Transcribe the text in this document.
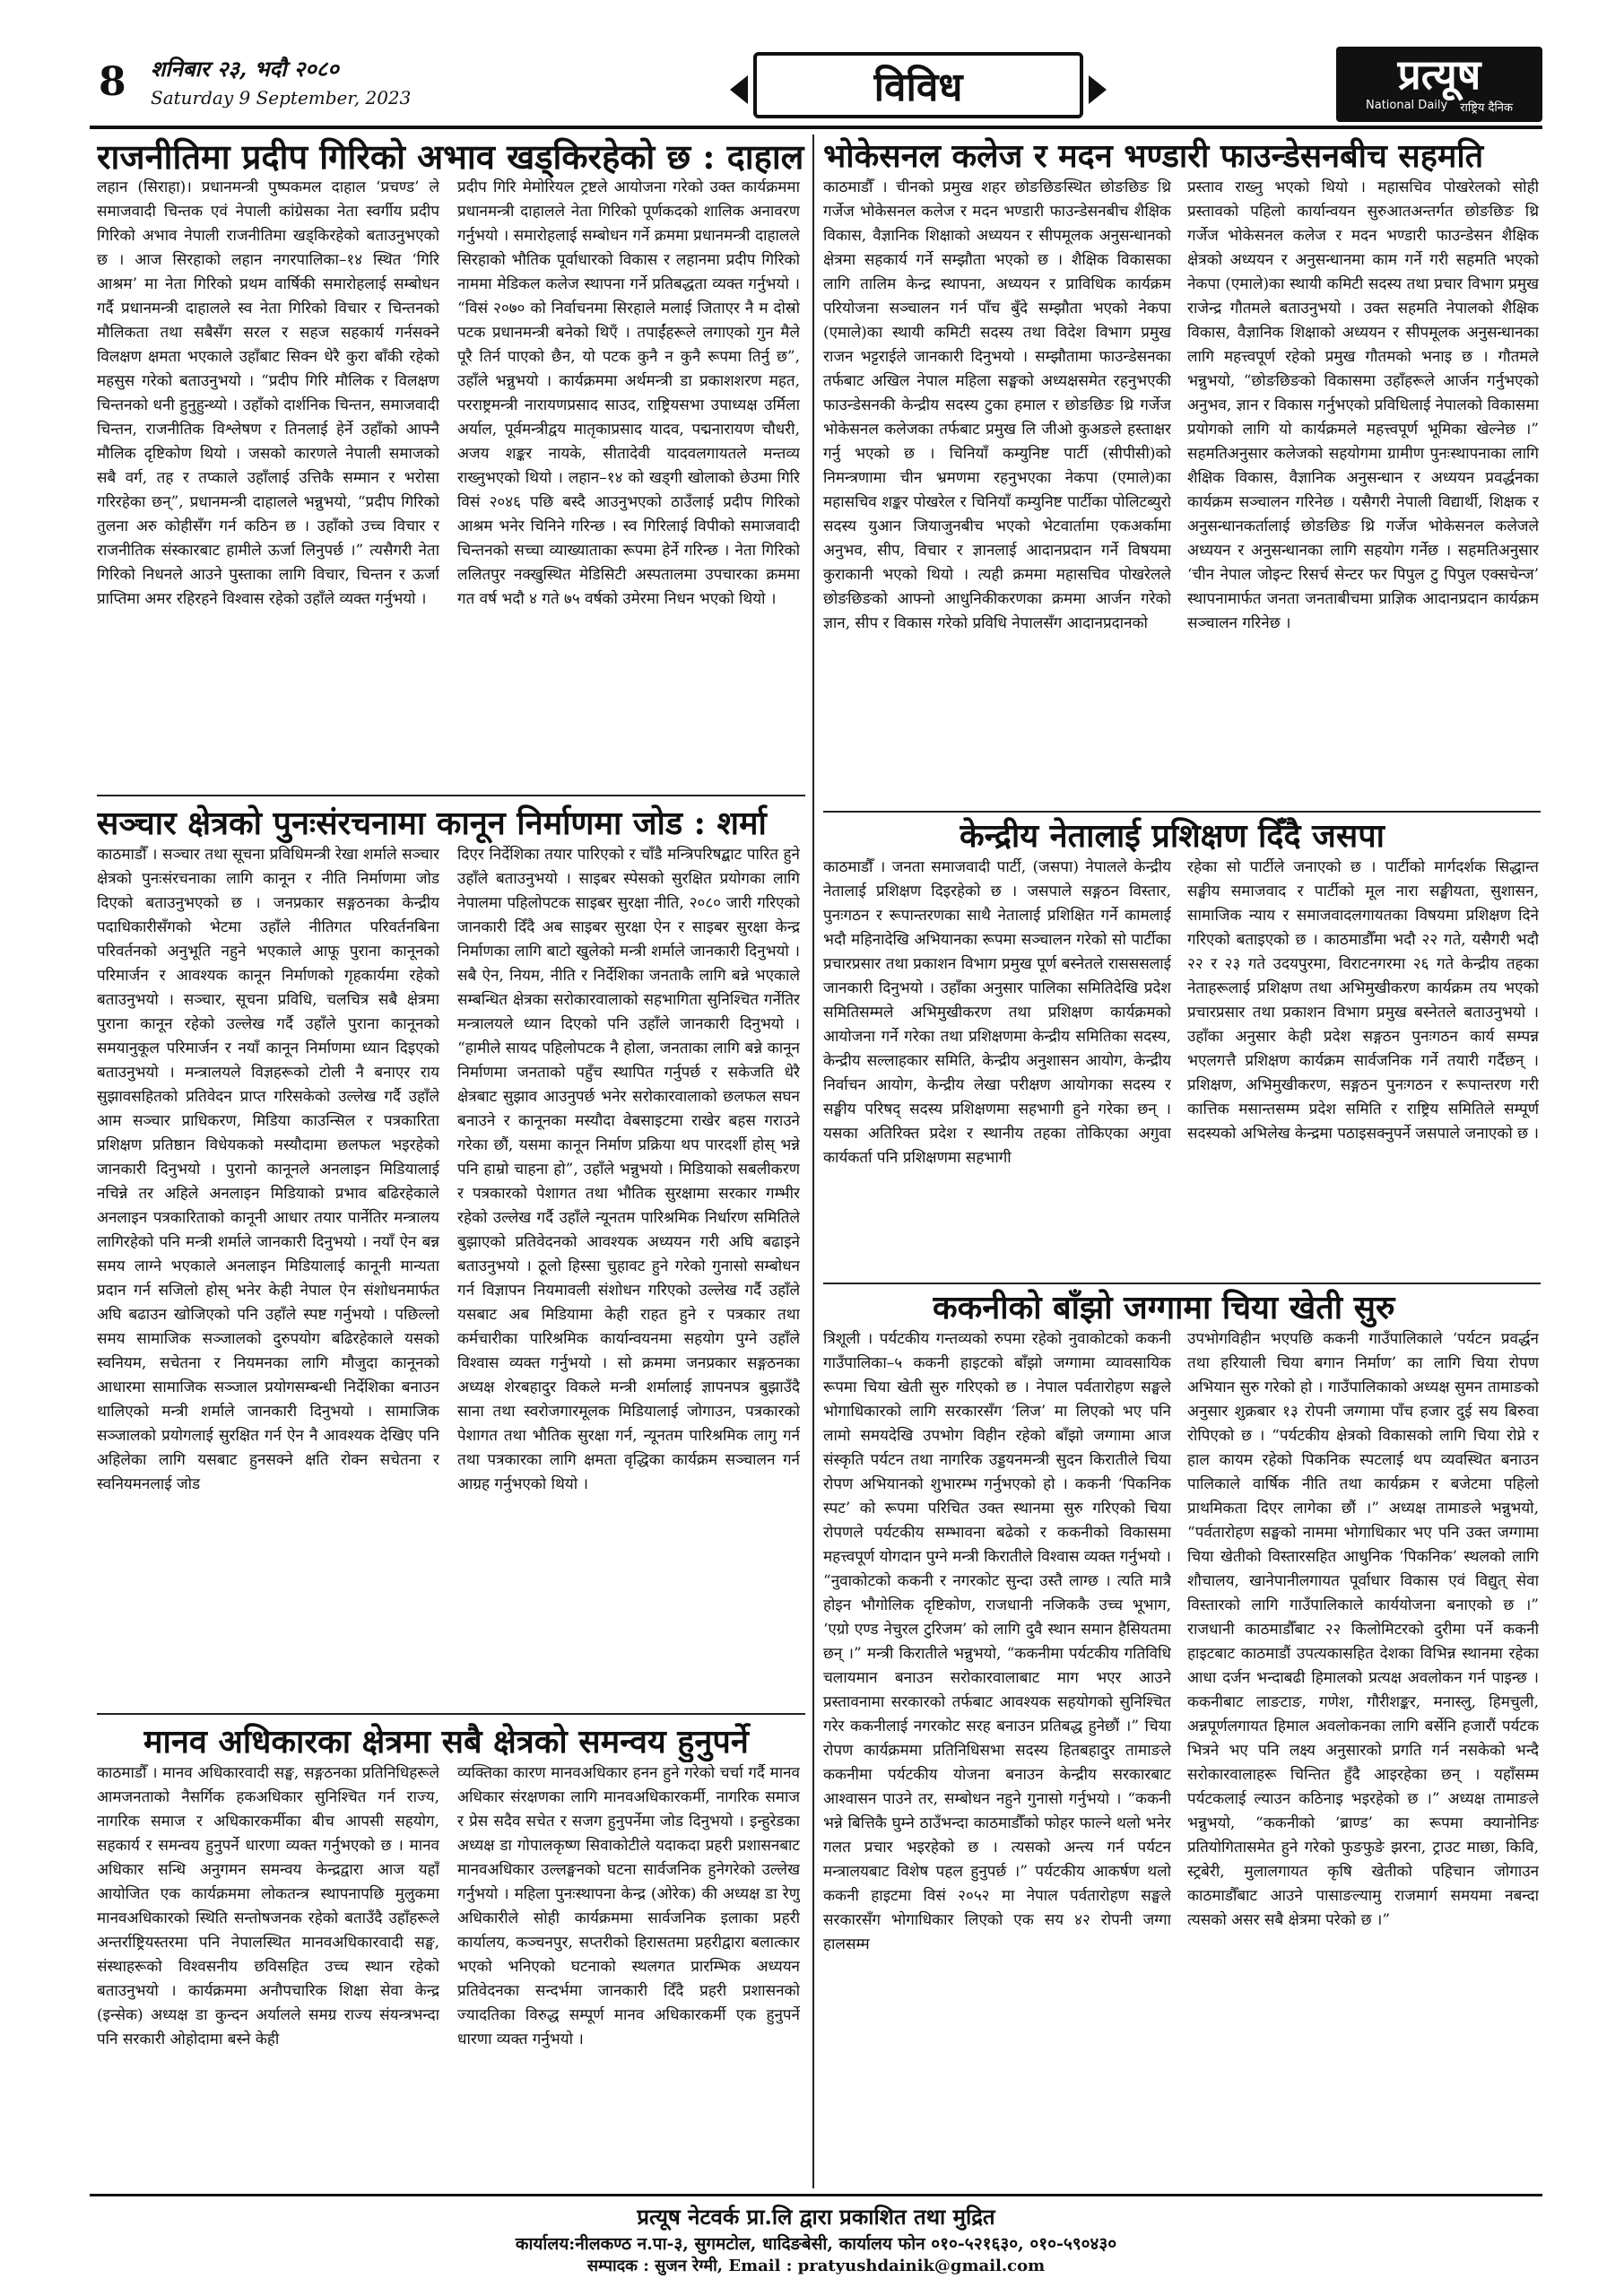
8 शनिबार २३, भदौ २०८०
Saturday 9 September, 2023	विविध	प्रत्यूष
National Daily राष्ट्रिय दैनिक
राजनीतिमा प्रदीप गिरिको अभाव खड्किरहेको छ : दाहाल

लहान (सिराहा)। प्रधानमन्त्री पुष्पकमल दाहाल ‘प्रचण्ड’ ले समाजवादी चिन्तक एवं नेपाली कांग्रेसका नेता स्वर्गीय प्रदीप गिरिको अभाव नेपाली राजनीतिमा खड्किरहेको बताउनुभएको छ । आज सिरहाको लहान नगरपालिका–१४ स्थित ‘गिरि आश्रम’ मा नेता गिरिको प्रथम वार्षिकी समारोहलाई सम्बोधन गर्दै प्रधानमन्त्री दाहालले स्व नेता गिरिको विचार र चिन्तनको मौलिकता तथा सबैसँग सरल र सहज सहकार्य गर्नसक्ने विलक्षण क्षमता भएकाले उहाँबाट सिक्न धेरै कुरा बाँकी रहेको महसुस गरेको बताउनुभयो । “प्रदीप गिरि मौलिक र विलक्षण चिन्तनको धनी हुनुहुन्थ्यो । उहाँको दार्शनिक चिन्तन, समाजवादी चिन्तन, राजनीतिक विश्लेषण र तिनलाई हेर्ने उहाँको आफ्नै मौलिक दृष्टिकोण थियो । जसको कारणले नेपाली समाजको सबै वर्ग, तह र तप्काले उहाँलाई उत्तिकै सम्मान र भरोसा गरिरहेका छन्”, प्रधानमन्त्री दाहालले भन्नुभयो, “प्रदीप गिरिको तुलना अरु कोहीसँग गर्न कठिन छ । उहाँको उच्च विचार र राजनीतिक संस्कारबाट हामीले ऊर्जा लिनुपर्छ ।” त्यसैगरी नेता गिरिको निधनले आउने पुस्ताका लागि विचार, चिन्तन र ऊर्जा प्राप्तिमा अमर रहिरहने विश्वास रहेको उहाँले व्यक्त गर्नुभयो ।

प्रदीप गिरि मेमोरियल ट्रष्टले आयोजना गरेको उक्त कार्यक्रममा प्रधानमन्त्री दाहालले नेता गिरिको पूर्णकदको शालिक अनावरण गर्नुभयो । समारोहलाई सम्बोधन गर्ने क्रममा प्रधानमन्त्री दाहालले सिरहाको भौतिक पूर्वाधारको विकास र लहानमा प्रदीप गिरिको नाममा मेडिकल कलेज स्थापना गर्ने प्रतिबद्धता व्यक्त गर्नुभयो । “विसं २०७० को निर्वाचनमा सिरहाले मलाई जिताएर नै म दोस्रो पटक प्रधानमन्त्री बनेको थिएँ । तपाईंहरूले लगाएको गुन मैले पूरै तिर्न पाएको छैन, यो पटक कुनै न कुनै रूपमा तिर्नु छ”, उहाँले भन्नुभयो । कार्यक्रममा अर्थमन्त्री डा प्रकाशशरण महत, परराष्ट्रमन्त्री नारायणप्रसाद साउद, राष्ट्रियसभा उपाध्यक्ष उर्मिला अर्याल, पूर्वमन्त्रीद्वय मातृकाप्रसाद यादव, पद्मनारायण चौधरी, अजय शङ्कर नायके, सीतादेवी यादवलगायतले मन्तव्य राख्नुभएको थियो । लहान–१४ को खड्गी खोलाको छेउमा गिरि विसं २०४६ पछि बस्दै आउनुभएको ठाउँलाई प्रदीप गिरिको आश्रम भनेर चिनिने गरिन्छ । स्व गिरिलाई विपीको समाजवादी चिन्तनको सच्चा व्याख्याताका रूपमा हेर्ने गरिन्छ । नेता गिरिको ललितपुर नक्खुस्थित मेडिसिटी अस्पतालमा उपचारका क्रममा गत वर्ष भदौ ४ गते ७५ वर्षको उमेरमा निधन भएको थियो ।

सञ्चार क्षेत्रको पुनःसंरचनामा कानून निर्माणमा जोड : शर्मा

काठमाडौँ । सञ्चार तथा सूचना प्रविधिमन्त्री रेखा शर्माले सञ्चार क्षेत्रको पुनःसंरचनाका लागि कानून र नीति निर्माणमा जोड दिएको बताउनुभएको छ । जनप्रकार सङ्गठनका केन्द्रीय पदाधिकारीसँगको भेटमा उहाँले नीतिगत परिवर्तनबिना परिवर्तनको अनुभूति नहुने भएकाले आफू पुराना कानूनको परिमार्जन र आवश्यक कानून निर्माणको गृहकार्यमा रहेको बताउनुभयो । सञ्चार, सूचना प्रविधि, चलचित्र सबै क्षेत्रमा पुराना कानून रहेको उल्लेख गर्दै उहाँले पुराना कानूनको समयानुकूल परिमार्जन र नयाँ कानून निर्माणमा ध्यान दिइएको बताउनुभयो । मन्त्रालयले विज्ञहरूको टोली नै बनाएर राय सुझावसहितको प्रतिवेदन प्राप्त गरिसकेको उल्लेख गर्दै उहाँले आम सञ्चार प्राधिकरण, मिडिया काउन्सिल र पत्रकारिता प्रशिक्षण प्रतिष्ठान विधेयकको मस्यौदामा छलफल भइरहेको जानकारी दिनुभयो । पुरानो कानूनले अनलाइन मिडियालाई नचिन्ने तर अहिले अनलाइन मिडियाको प्रभाव बढिरहेकाले अनलाइन पत्रकारिताको कानूनी आधार तयार पार्नेतिर मन्त्रालय लागिरहेको पनि मन्त्री शर्माले जानकारी दिनुभयो । नयाँ ऐन बन्न समय लाग्ने भएकाले अनलाइन मिडियालाई कानूनी मान्यता प्रदान गर्न सजिलो होस् भनेर केही नेपाल ऐन संशोधनमार्फत अघि बढाउन खोजिएको पनि उहाँले स्पष्ट गर्नुभयो । पछिल्लो समय सामाजिक सञ्जालको दुरुपयोग बढिरहेकाले यसको स्वनियम, सचेतना र नियमनका लागि मौजुदा कानूनको आधारमा सामाजिक सञ्जाल प्रयोगसम्बन्धी निर्देशिका बनाउन थालिएको मन्त्री शर्माले जानकारी दिनुभयो । सामाजिक सञ्जालको प्रयोगलाई सुरक्षित गर्न ऐन नै आवश्यक देखिए पनि अहिलेका लागि यसबाट हुनसक्ने क्षति रोक्न सचेतना र स्वनियमनलाई जोड

दिएर निर्देशिका तयार पारिएको र चाँडै मन्त्रिपरिषद्बाट पारित हुने उहाँले बताउनुभयो । साइबर स्पेसको सुरक्षित प्रयोगका लागि नेपालमा पहिलोपटक साइबर सुरक्षा नीति, २०८० जारी गरिएको जानकारी दिँदै अब साइबर सुरक्षा ऐन र साइबर सुरक्षा केन्द्र निर्माणका लागि बाटो खुलेको मन्त्री शर्माले जानकारी दिनुभयो । सबै ऐन, नियम, नीति र निर्देशिका जनताकै लागि बन्ने भएकाले सम्बन्धित क्षेत्रका सरोकारवालाको सहभागिता सुनिश्चित गर्नेतिर मन्त्रालयले ध्यान दिएको पनि उहाँले जानकारी दिनुभयो । “हामीले सायद पहिलोपटक नै होला, जनताका लागि बन्ने कानून निर्माणमा जनताको पहुँच स्थापित गर्नुपर्छ र सकेजति धेरै क्षेत्रबाट सुझाव आउनुपर्छ भनेर सरोकारवालाको छलफल सघन बनाउने र कानूनका मस्यौदा वेबसाइटमा राखेर बहस गराउने गरेका छौं, यसमा कानून निर्माण प्रक्रिया थप पारदर्शी होस् भन्ने पनि हाम्रो चाहना हो”, उहाँले भन्नुभयो । मिडियाको सबलीकरण र पत्रकारको पेशागत तथा भौतिक सुरक्षामा सरकार गम्भीर रहेको उल्लेख गर्दै उहाँले न्यूनतम पारिश्रमिक निर्धारण समितिले बुझाएको प्रतिवेदनको आवश्यक अध्ययन गरी अघि बढाइने बताउनुभयो । ठूलो हिस्सा चुहावट हुने गरेको गुनासो सम्बोधन गर्न विज्ञापन नियमावली संशोधन गरिएको उल्लेख गर्दै उहाँले यसबाट अब मिडियामा केही राहत हुने र पत्रकार तथा कर्मचारीका पारिश्रमिक कार्यान्वयनमा सहयोग पुग्ने उहाँले विश्वास व्यक्त गर्नुभयो । सो क्रममा जनप्रकार सङ्गठनका अध्यक्ष शेरबहादुर विकले मन्त्री शर्मालाई ज्ञापनपत्र बुझाउँदै साना तथा स्वरोजगारमूलक मिडियालाई जोगाउन, पत्रकारको पेशागत तथा भौतिक सुरक्षा गर्न, न्यूनतम पारिश्रमिक लागु गर्न तथा पत्रकारका लागि क्षमता वृद्धिका कार्यक्रम सञ्चालन गर्न आग्रह गर्नुभएको थियो ।

मानव अधिकारका क्षेत्रमा सबै क्षेत्रको समन्वय हुनुपर्ने

काठमाडौँ । मानव अधिकारवादी सङ्घ, सङ्गठनका प्रतिनिधिहरूले आमजनताको नैसर्गिक हकअधिकार सुनिश्चित गर्न राज्य, नागरिक समाज र अधिकारकर्मीका बीच आपसी सहयोग, सहकार्य र समन्वय हुनुपर्ने धारणा व्यक्त गर्नुभएको छ । मानव अधिकार सन्धि अनुगमन समन्वय केन्द्रद्वारा आज यहाँ आयोजित एक कार्यक्रममा लोकतन्त्र स्थापनापछि मुलुकमा मानवअधिकारको स्थिति सन्तोषजनक रहेको बताउँदै उहाँहरूले अन्तर्राष्ट्रियस्तरमा पनि नेपालस्थित मानवअधिकारवादी सङ्घ, संस्थाहरूको विश्वसनीय छविसहित उच्च स्थान रहेको बताउनुभयो । कार्यक्रममा अनौपचारिक शिक्षा सेवा केन्द्र (इन्सेक) अध्यक्ष डा कुन्दन अर्यालले समग्र राज्य संयन्त्रभन्दा पनि सरकारी ओहोदामा बस्ने केही

व्यक्तिका कारण मानवअधिकार हनन हुने गरेको चर्चा गर्दै मानव अधिकार संरक्षणका लागि मानवअधिकारकर्मी, नागरिक समाज र प्रेस सदैव सचेत र सजग हुनुपर्नेमा जोड दिनुभयो । इन्हुरेडका अध्यक्ष डा गोपालकृष्ण सिवाकोटीले यदाकदा प्रहरी प्रशासनबाट मानवअधिकार उल्लङ्घनको घटना सार्वजनिक हुनेगरेको उल्लेख गर्नुभयो । महिला पुनःस्थापना केन्द्र (ओरेक) की अध्यक्ष डा रेणु अधिकारीले सोही कार्यक्रममा सार्वजनिक इलाका प्रहरी कार्यालय, कञ्चनपुर, सप्तरीको हिरासतमा प्रहरीद्वारा बलात्कार भएको भनिएको घटनाको स्थलगत प्रारम्भिक अध्ययन प्रतिवेदनका सन्दर्भमा जानकारी दिँदै प्रहरी प्रशासनको ज्यादतिका विरुद्ध सम्पूर्ण मानव अधिकारकर्मी एक हुनुपर्ने धारणा व्यक्त गर्नुभयो ।

भोकेसनल कलेज र मदन भण्डारी फाउन्डेसनबीच सहमति

काठमाडौँ । चीनको प्रमुख शहर छोङछिङस्थित छोङछिङ थ्रि गर्जेज भोकेसनल कलेज र मदन भण्डारी फाउन्डेसनबीच शैक्षिक विकास, वैज्ञानिक शिक्षाको अध्ययन र सीपमूलक अनुसन्धानको क्षेत्रमा सहकार्य गर्ने सम्झौता भएको छ । शैक्षिक विकासका लागि तालिम केन्द्र स्थापना, अध्ययन र प्राविधिक कार्यक्रम परियोजना सञ्चालन गर्न पाँच बुँदे सम्झौता भएको नेकपा (एमाले)का स्थायी कमिटी सदस्य तथा विदेश विभाग प्रमुख राजन भट्टराईले जानकारी दिनुभयो । सम्झौतामा फाउन्डेसनका तर्फबाट अखिल नेपाल महिला सङ्घको अध्यक्षसमेत रहनुभएकी फाउन्डेसनकी केन्द्रीय सदस्य टुका हमाल र छोङछिङ थ्रि गर्जेज भोकेसनल कलेजका तर्फबाट प्रमुख लि जीओ कुअङले हस्ताक्षर गर्नु भएको छ । चिनियाँ कम्युनिष्ट पार्टी (सीपीसी)को निमन्त्रणामा चीन भ्रमणमा रहनुभएका नेकपा (एमाले)का महासचिव शङ्कर पोखरेल र चिनियाँ कम्युनिष्ट पार्टीका पोलिटब्युरो सदस्य युआन जियाजुनबीच भएको भेटवार्तामा एकअर्कामा अनुभव, सीप, विचार र ज्ञानलाई आदानप्रदान गर्ने विषयमा कुराकानी भएको थियो । त्यही क्रममा महासचिव पोखरेलले छोङछिङको आफ्नो आधुनिकीकरणका क्रममा आर्जन गरेको ज्ञान, सीप र विकास गरेको प्रविधि नेपालसँग आदानप्रदानको

प्रस्ताव राख्नु भएको थियो । महासचिव पोखरेलको सोही प्रस्तावको पहिलो कार्यान्वयन सुरुआतअन्तर्गत छोङछिङ थ्रि गर्जेज भोकेसनल कलेज र मदन भण्डारी फाउन्डेसन शैक्षिक क्षेत्रको अध्ययन र अनुसन्धानमा काम गर्ने गरी सहमति भएको नेकपा (एमाले)का स्थायी कमिटी सदस्य तथा प्रचार विभाग प्रमुख राजेन्द्र गौतमले बताउनुभयो । उक्त सहमति नेपालको शैक्षिक विकास, वैज्ञानिक शिक्षाको अध्ययन र सीपमूलक अनुसन्धानका लागि महत्त्वपूर्ण रहेको प्रमुख गौतमको भनाइ छ । गौतमले भन्नुभयो, “छोङछिङको विकासमा उहाँहरूले आर्जन गर्नुभएको अनुभव, ज्ञान र विकास गर्नुभएको प्रविधिलाई नेपालको विकासमा प्रयोगको लागि यो कार्यक्रमले महत्त्वपूर्ण भूमिका खेल्नेछ ।” सहमतिअनुसार कलेजको सहयोगमा ग्रामीण पुनःस्थापनाका लागि शैक्षिक विकास, वैज्ञानिक अनुसन्धान र अध्ययन प्रवर्द्धनका कार्यक्रम सञ्चालन गरिनेछ । यसैगरी नेपाली विद्यार्थी, शिक्षक र अनुसन्धानकर्तालाई छोङछिङ थ्रि गर्जेज भोकेसनल कलेजले अध्ययन र अनुसन्धानका लागि सहयोग गर्नेछ । सहमतिअनुसार ‘चीन नेपाल जोइन्ट रिसर्च सेन्टर फर पिपुल टु पिपुल एक्सचेन्ज’ स्थापनामार्फत जनता जनताबीचमा प्राज्ञिक आदानप्रदान कार्यक्रम सञ्चालन गरिनेछ ।

केन्द्रीय नेतालाई प्रशिक्षण दिँदै जसपा

काठमाडौँ । जनता समाजवादी पार्टी, (जसपा) नेपालले केन्द्रीय नेतालाई प्रशिक्षण दिइरहेको छ । जसपाले सङ्गठन विस्तार, पुनःगठन र रूपान्तरणका साथै नेतालाई प्रशिक्षित गर्ने कामलाई भदौ महिनादेखि अभियानका रूपमा सञ्चालन गरेको सो पार्टीका प्रचारप्रसार तथा प्रकाशन विभाग प्रमुख पूर्ण बस्नेतले रासससलाई जानकारी दिनुभयो । उहाँका अनुसार पालिका समितिदेखि प्रदेश समितिसम्मले अभिमुखीकरण तथा प्रशिक्षण कार्यक्रमको आयोजना गर्ने गरेका तथा प्रशिक्षणमा केन्द्रीय समितिका सदस्य, केन्द्रीय सल्लाहकार समिति, केन्द्रीय अनुशासन आयोग, केन्द्रीय निर्वाचन आयोग, केन्द्रीय लेखा परीक्षण आयोगका सदस्य र सङ्घीय परिषद् सदस्य प्रशिक्षणमा सहभागी हुने गरेका छन् । यसका अतिरिक्त प्रदेश र स्थानीय तहका तोकिएका अगुवा कार्यकर्ता पनि प्रशिक्षणमा सहभागी

रहेका सो पार्टीले जनाएको छ । पार्टीको मार्गदर्शक सिद्धान्त सङ्घीय समाजवाद र पार्टीको मूल नारा सङ्घीयता, सुशासन, सामाजिक न्याय र समाजवादलगायतका विषयमा प्रशिक्षण दिने गरिएको बताइएको छ । काठमाडौँमा भदौ २२ गते, यसैगरी भदौ २२ र २३ गते उदयपुरमा, विराटनगरमा २६ गते केन्द्रीय तहका नेताहरूलाई प्रशिक्षण तथा अभिमुखीकरण कार्यक्रम तय भएको प्रचारप्रसार तथा प्रकाशन विभाग प्रमुख बस्नेतले बताउनुभयो । उहाँका अनुसार केही प्रदेश सङ्गठन पुनःगठन कार्य सम्पन्न भएलगत्तै प्रशिक्षण कार्यक्रम सार्वजनिक गर्ने तयारी गर्दैछन् । प्रशिक्षण, अभिमुखीकरण, सङ्गठन पुनःगठन र रूपान्तरण गरी कात्तिक मसान्तसम्म प्रदेश समिति र राष्ट्रिय समितिले सम्पूर्ण सदस्यको अभिलेख केन्द्रमा पठाइसक्नुपर्ने जसपाले जनाएको छ ।

ककनीको बाँझो जग्गामा चिया खेती सुरु

त्रिशूली । पर्यटकीय गन्तव्यको रुपमा रहेको नुवाकोटको ककनी गाउँपालिका–५ ककनी हाइटको बाँझो जग्गामा व्यावसायिक रूपमा चिया खेती सुरु गरिएको छ । नेपाल पर्वतारोहण सङ्घले भोगाधिकारको लागि सरकारसँग ‘लिज’ मा लिएको भए पनि लामो समयदेखि उपभोग विहीन रहेको बाँझो जग्गामा आज संस्कृति पर्यटन तथा नागरिक उड्डयनमन्त्री सुदन किरातीले चिया रोपण अभियानको शुभारम्भ गर्नुभएको हो । ककनी ‘पिकनिक स्पट’ को रूपमा परिचित उक्त स्थानमा सुरु गरिएको चिया रोपणले पर्यटकीय सम्भावना बढेको र ककनीको विकासमा महत्त्वपूर्ण योगदान पुग्ने मन्त्री किरातीले विश्वास व्यक्त गर्नुभयो । “नुवाकोटको ककनी र नगरकोट सुन्दा उस्तै लाग्छ । त्यति मात्रै होइन भौगोलिक दृष्टिकोण, राजधानी नजिककै उच्च भूभाग, ‘एग्रो एण्ड नेचुरल टुरिजम’ को लागि दुवै स्थान समान हैसियतमा छन् ।” मन्त्री किरातीले भन्नुभयो, “ककनीमा पर्यटकीय गतिविधि चलायमान बनाउन सरोकारवालाबाट माग भएर आउने प्रस्तावनामा सरकारको तर्फबाट आवश्यक सहयोगको सुनिश्चित गरेर ककनीलाई नगरकोट सरह बनाउन प्रतिबद्ध हुनेछौं ।” चिया रोपण कार्यक्रममा प्रतिनिधिसभा सदस्य हितबहादुर तामाङले ककनीमा पर्यटकीय योजना बनाउन केन्द्रीय सरकारबाट आश्वासन पाउने तर, सम्बोधन नहुने गुनासो गर्नुभयो । “ककनी भन्ने बित्तिकै घुम्ने ठाउँभन्दा काठमाडौँको फोहर फाल्ने थलो भनेर गलत प्रचार भइरहेको छ । त्यसको अन्त्य गर्न पर्यटन मन्त्रालयबाट विशेष पहल हुनुपर्छ ।” पर्यटकीय आकर्षण थलो ककनी हाइटमा विसं २०५२ मा नेपाल पर्वतारोहण सङ्घले सरकारसँग भोगाधिकार लिएको एक सय ४२ रोपनी जग्गा हालसम्म

उपभोगविहीन भएपछि ककनी गाउँपालिकाले ‘पर्यटन प्रवर्द्धन तथा हरियाली चिया बगान निर्माण’ का लागि चिया रोपण अभियान सुरु गरेको हो । गाउँपालिकाको अध्यक्ष सुमन तामाङको अनुसार शुक्रबार १३ रोपनी जग्गामा पाँच हजार दुई सय बिरुवा रोपिएको छ । “पर्यटकीय क्षेत्रको विकासको लागि चिया रोप्ने र हाल कायम रहेको पिकनिक स्पटलाई थप व्यवस्थित बनाउन पालिकाले वार्षिक नीति तथा कार्यक्रम र बजेटमा पहिलो प्राथमिकता दिएर लागेका छौं ।” अध्यक्ष तामाङले भन्नुभयो, “पर्वतारोहण सङ्घको नाममा भोगाधिकार भए पनि उक्त जग्गामा चिया खेतीको विस्तारसहित आधुनिक ‘पिकनिक’ स्थलको लागि शौचालय, खानेपानीलगायत पूर्वाधार विकास एवं विद्युत् सेवा विस्तारको लागि गाउँपालिकाले कार्ययोजना बनाएको छ ।” राजधानी काठमाडौँबाट २२ किलोमिटरको दुरीमा पर्ने ककनी हाइटबाट काठमाडौं उपत्यकासहित देशका विभिन्न स्थानमा रहेका आधा दर्जन भन्दाबढी हिमालको प्रत्यक्ष अवलोकन गर्न पाइन्छ । ककनीबाट लाङटाङ, गणेश, गौरीशङ्कर, मनास्लु, हिमचुली, अन्नपूर्णलगायत हिमाल अवलोकनका लागि बर्सेनि हजारौं पर्यटक भित्रने भए पनि लक्ष्य अनुसारको प्रगति गर्न नसकेको भन्दै सरोकारवालाहरू चिन्तित हुँदै आइरहेका छन् । यहाँसम्म पर्यटकलाई ल्याउन कठिनाइ भइरहेको छ ।” अध्यक्ष तामाङले भन्नुभयो, “ककनीको ‘ब्राण्ड’ का रूपमा क्यानोनिङ प्रतियोगितासमेत हुने गरेको फुङफुङे झरना, ट्राउट माछा, किवि, स्ट्रबेरी, मुलालगायत कृषि खेतीको पहिचान जोगाउन काठमाडौँबाट आउने पासाङल्यामु राजमार्ग समयमा नबन्दा त्यसको असर सबै क्षेत्रमा परेको छ ।”

प्रत्यूष नेटवर्क प्रा.लि द्वारा प्रकाशित तथा मुद्रित
कार्यालय:नीलकण्ठ न.पा-३, सुगमटोल, धादिङबेसी, कार्यालय फोन ०१०-५२१६३०, ०१०-५९०४३०
सम्पादक : सुजन रेग्मी, Email : pratyushdainik@gmail.com
